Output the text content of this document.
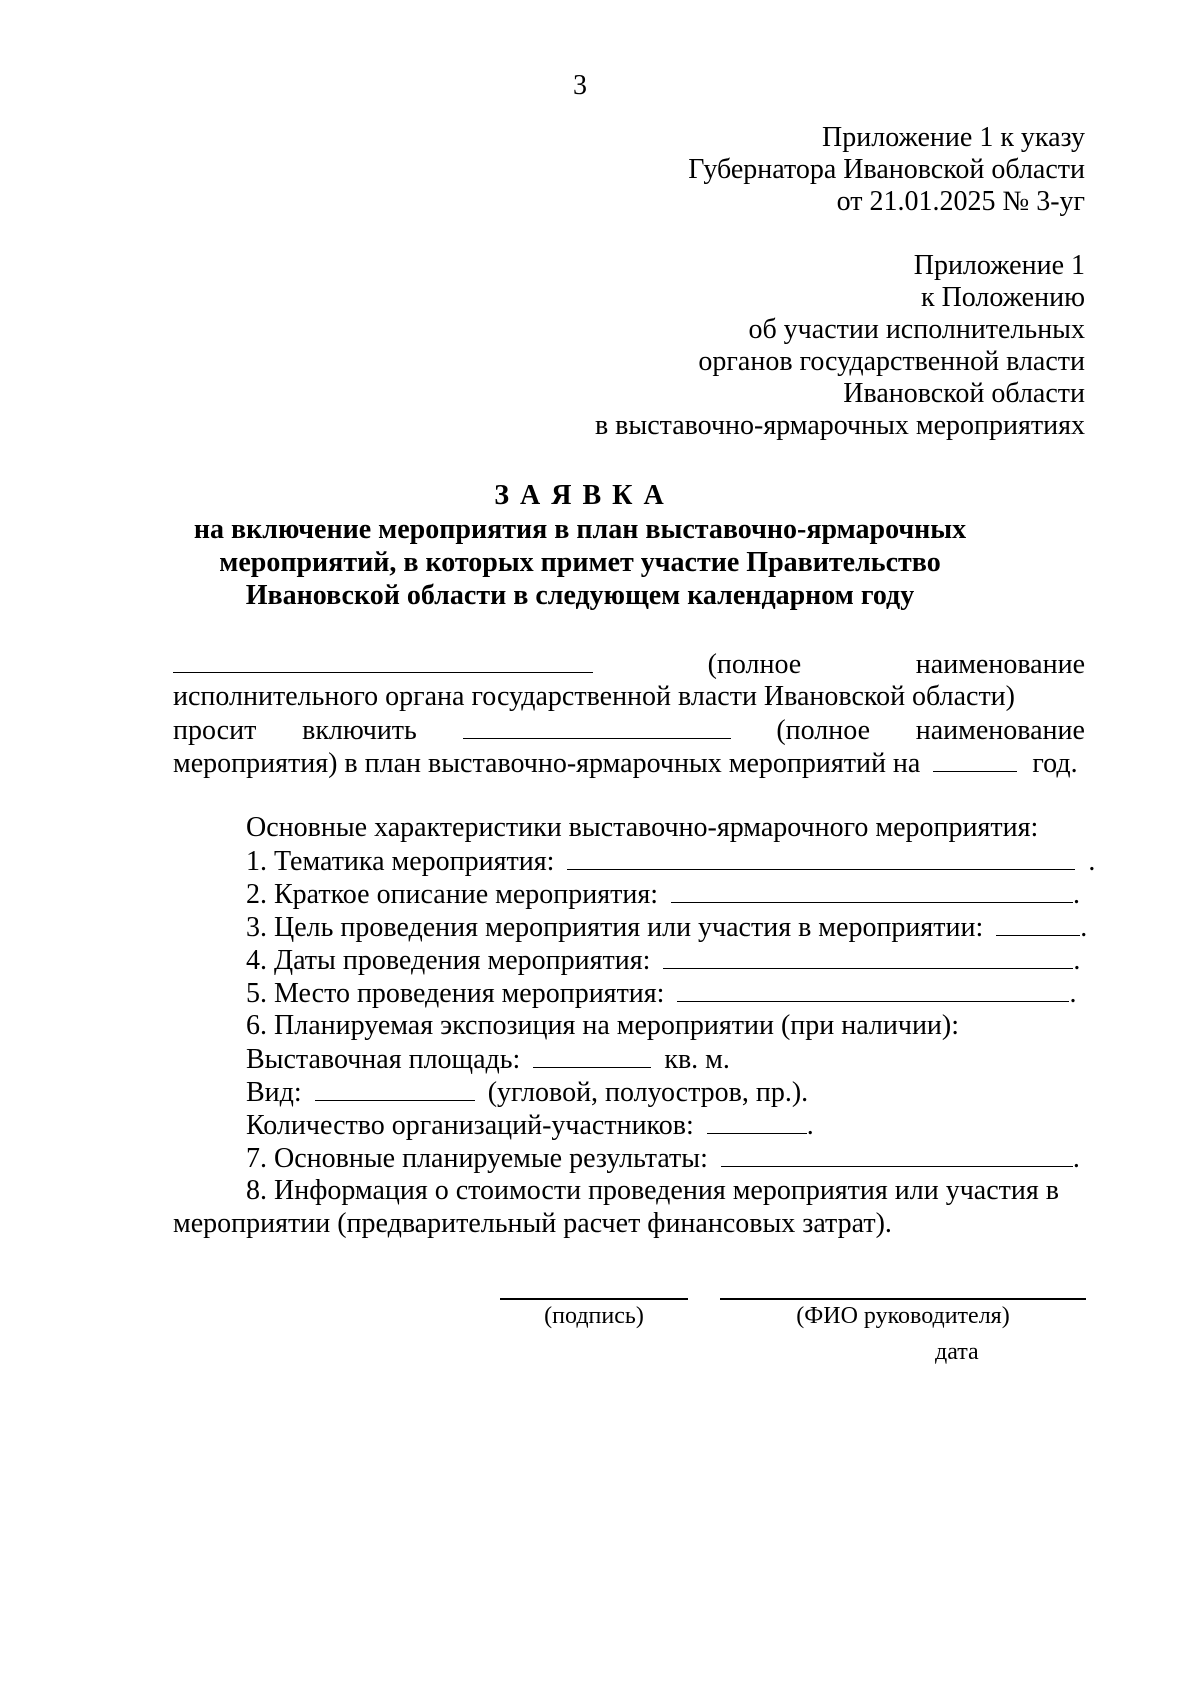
3
Приложение 1 к указу
Губернатора Ивановской области
от 21.01.2025 № 3-уг
Приложение 1
к Положению
об участии исполнительных
органов государственной власти
Ивановской области
в выставочно-ярмарочных мероприятиях
З А Я В К А
на включение мероприятия в план выставочно-ярмарочных
мероприятий, в которых примет участие Правительство
Ивановской области в следующем календарном году
(полное	наименование
исполнительного органа государственной власти Ивановской области)
просит включить	(полное наименование
мероприятия) в план выставочно-ярмарочных мероприятий на	год.
Основные характеристики выставочно-ярмарочного мероприятия:
1. Тематика мероприятия:	.
2. Краткое описание мероприятия:	.
3. Цель проведения мероприятия или участия в мероприятии:	.
4. Даты проведения мероприятия:	.
5. Место проведения мероприятия:	.
6. Планируемая экспозиция на мероприятии (при наличии):
Выставочная площадь:	кв. м.
Вид:	(угловой, полуостров, пр.).
Количество организаций-участников:	.
7. Основные планируемые результаты:	.
8. Информация о стоимости проведения мероприятия или участия в
мероприятии (предварительный расчет финансовых затрат).
(подпись)	(ФИО руководителя)
дата
